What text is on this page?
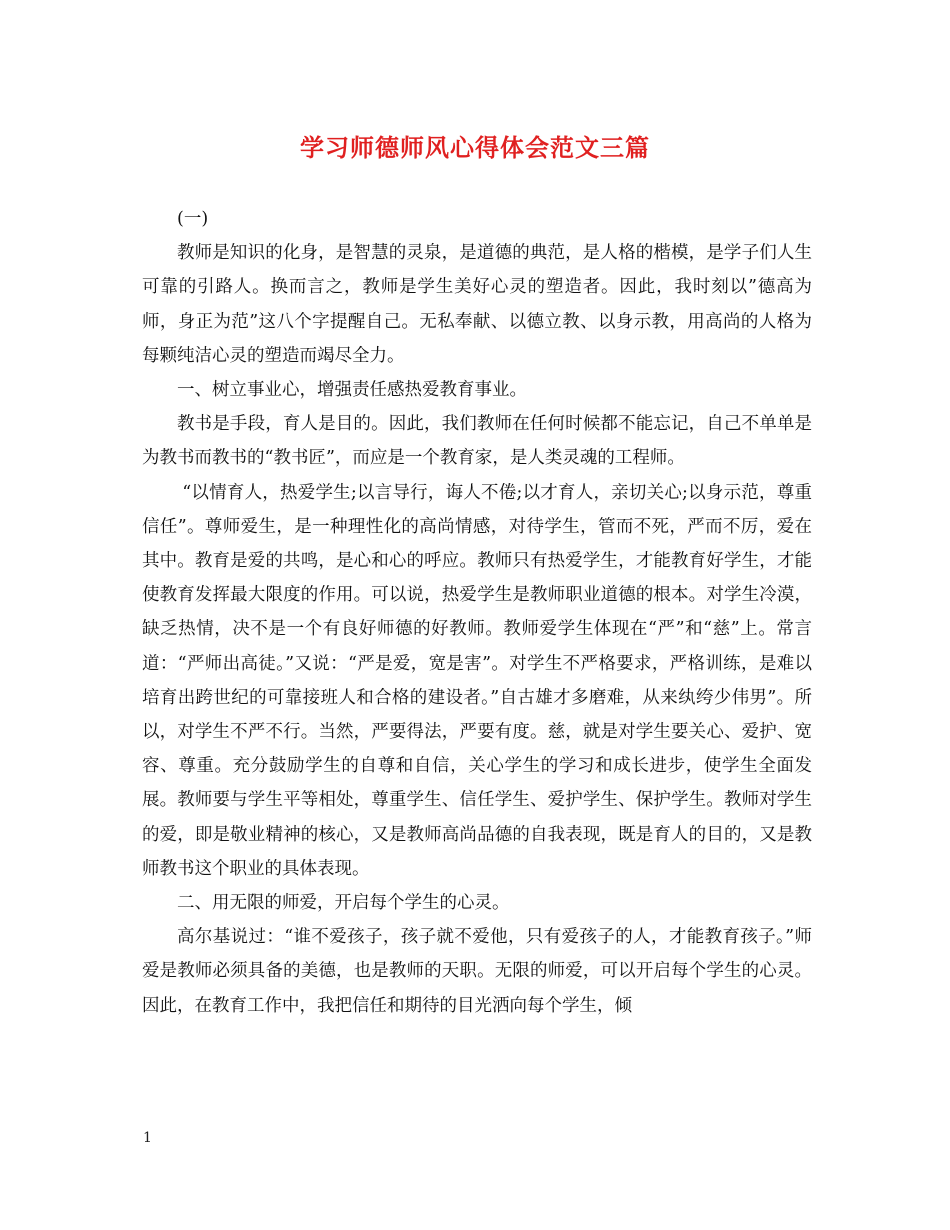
学习师德师风心得体会范文三篇

(一)

教师是知识的化身，是智慧的灵泉，是道德的典范，是人格的楷模，是学子们人生可靠的引路人。换而言之，教师是学生美好心灵的塑造者。因此，我时刻以”德高为师，身正为范”这八个字提醒自己。无私奉献、以德立教、以身示教，用高尚的人格为每颗纯洁心灵的塑造而竭尽全力。

一、树立事业心，增强责任感热爱教育事业。

教书是手段，育人是目的。因此，我们教师在任何时候都不能忘记，自己不单单是为教书而教书的“教书匠”，而应是一个教育家，是人类灵魂的工程师。

“以情育人，热爱学生;以言导行，诲人不倦;以才育人，亲切关心;以身示范，尊重信任”。尊师爱生，是一种理性化的高尚情感，对待学生，管而不死，严而不厉，爱在其中。教育是爱的共鸣，是心和心的呼应。教师只有热爱学生，才能教育好学生，才能使教育发挥最大限度的作用。可以说，热爱学生是教师职业道德的根本。对学生冷漠，缺乏热情，决不是一个有良好师德的好教师。教师爱学生体现在“严”和“慈”上。常言道：“严师出高徒。”又说：“严是爱，宽是害”。对学生不严格要求，严格训练，是难以培育出跨世纪的可靠接班人和合格的建设者。”自古雄才多磨难，从来纨绔少伟男”。所以，对学生不严不行。当然，严要得法，严要有度。慈，就是对学生要关心、爱护、宽容、尊重。充分鼓励学生的自尊和自信，关心学生的学习和成长进步，使学生全面发展。教师要与学生平等相处，尊重学生、信任学生、爱护学生、保护学生。教师对学生的爱，即是敬业精神的核心，又是教师高尚品德的自我表现，既是育人的目的，又是教师教书这个职业的具体表现。

二、用无限的师爱，开启每个学生的心灵。

高尔基说过：“谁不爱孩子，孩子就不爱他，只有爱孩子的人，才能教育孩子。”师爱是教师必须具备的美德，也是教师的天职。无限的师爱，可以开启每个学生的心灵。因此，在教育工作中，我把信任和期待的目光洒向每个学生，倾

1
